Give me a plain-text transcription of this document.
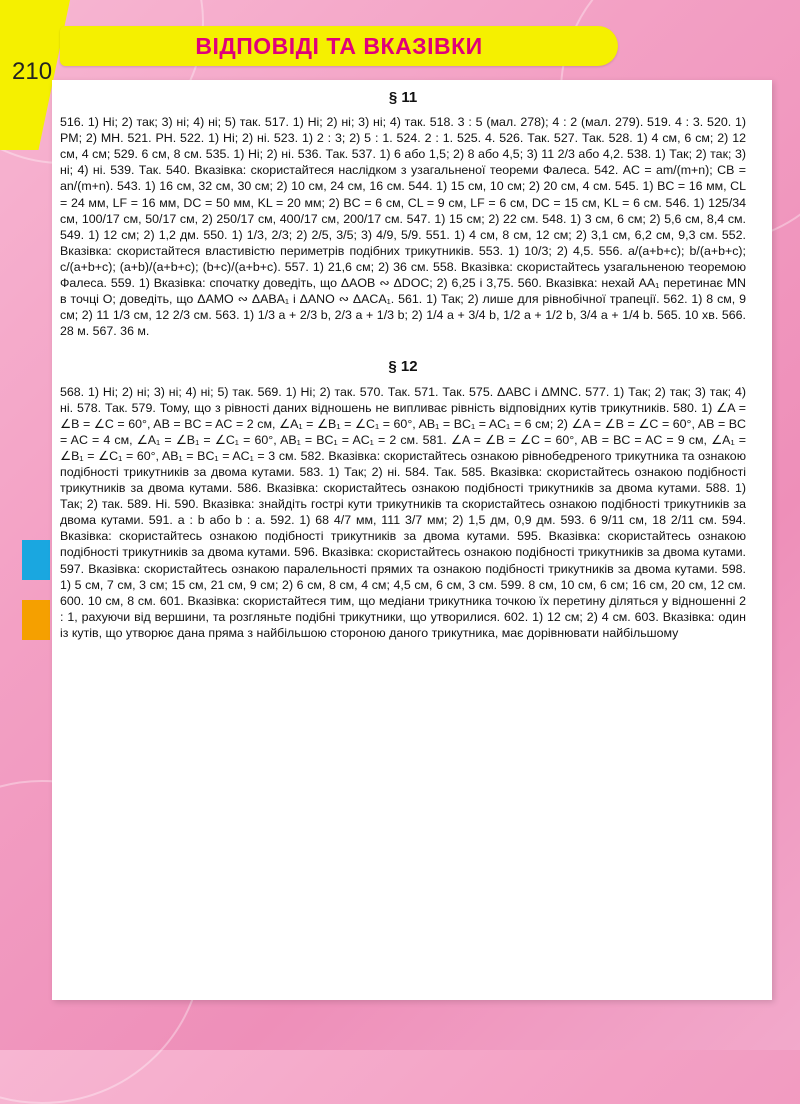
210
ВІДПОВІДІ ТА ВКАЗІВКИ
§ 11

516. 1) Ні; 2) так; 3) ні; 4) ні; 5) так. 517. 1) Ні; 2) ні; 3) ні; 4) так. 518. 3 : 5 (мал. 278); 4 : 2 (мал. 279). 519. 4 : 3. 520. 1) PM; 2) MH. 521. PH. 522. 1) Ні; 2) ні. 523. 1) 2 : 3; 2) 5 : 1. 524. 2 : 1. 525. 4. 526. Так. 527. Так. 528. 1) 4 см, 6 см; 2) 12 см, 4 см; 529. 6 см, 8 см. 535. 1) Ні; 2) ні. 536. Так. 537. 1) 6 або 1,5; 2) 8 або 4,5; 3) 11 2/3 або 4,2. 538. 1) Так; 2) так; 3) ні; 4) ні. 539. Так. 540. Вказівка: скористайтеся наслідком з узагальненої теореми Фалеса. 542. AC = am/(m+n); CB = an/(m+n). 543. 1) 16 см, 32 см, 30 см; 2) 10 см, 24 см, 16 см. 544. 1) 15 см, 10 см; 2) 20 см, 4 см. 545. 1) BC = 16 мм, CL = 24 мм, LF = 16 мм, DC = 50 мм, KL = 20 мм; 2) BC = 6 см, CL = 9 см, LF = 6 см, DC = 15 см, KL = 6 см. 546. 1) 125/34 см, 100/17 см, 50/17 см, 2) 250/17 см, 400/17 см, 200/17 см. 547. 1) 15 см; 2) 22 см. 548. 1) 3 см, 6 см; 2) 5,6 см, 8,4 см. 549. 1) 12 см; 2) 1,2 дм. 550. 1) 1/3, 2/3; 2) 2/5, 3/5; 3) 4/9, 5/9. 551. 1) 4 см, 8 см, 12 см; 2) 3,1 см, 6,2 см, 9,3 см. 552. Вказівка: скористайтеся властивістю периметрів подібних трикутників. 553. 1) 10/3; 2) 4,5. 556. a/(a+b+c); b/(a+b+c); c/(a+b+c); (a+b)/(a+b+c); (b+c)/(a+b+c). 557. 1) 21,6 см; 2) 36 см. 558. Вказівка: скористайтесь узагальненою теоремою Фалеса. 559. 1) Вказівка: спочатку доведіть, що ΔAOB ∾ ΔDOC; 2) 6,25 і 3,75. 560. Вказівка: нехай AA₁ перетинає MN в точці O; доведіть, що ΔAMO ∾ ΔABA₁ і ΔANO ∾ ΔACA₁. 561. 1) Так; 2) лише для рівнобічної трапеції. 562. 1) 8 см, 9 см; 2) 11 1/3 см, 12 2/3 см. 563. 1) 1/3 a + 2/3 b, 2/3 a + 1/3 b; 2) 1/4 a + 3/4 b, 1/2 a + 1/2 b, 3/4 a + 1/4 b. 565. 10 хв. 566. 28 м. 567. 36 м.

§ 12

568. 1) Ні; 2) ні; 3) ні; 4) ні; 5) так. 569. 1) Ні; 2) так. 570. Так. 571. Так. 575. ΔABC і ΔMNC. 577. 1) Так; 2) так; 3) так; 4) ні. 578. Так. 579. Тому, що з рівності даних відношень не випливає рівність відповідних кутів трикутників. 580. 1) ∠A = ∠B = ∠C = 60°, AB = BC = AC = 2 см, ∠A₁ = ∠B₁ = ∠C₁ = 60°, AB₁ = BC₁ = AC₁ = 6 см; 2) ∠A = ∠B = ∠C = 60°, AB = BC = AC = 4 см, ∠A₁ = ∠B₁ = ∠C₁ = 60°, AB₁ = BC₁ = AC₁ = 2 см. 581. ∠A = ∠B = ∠C = 60°, AB = BC = AC = 9 см, ∠A₁ = ∠B₁ = ∠C₁ = 60°, AB₁ = BC₁ = AC₁ = 3 см. 582. Вказівка: скористайтесь ознакою рівнобедреного трикутника та ознакою подібності трикутників за двома кутами. 583. 1) Так; 2) ні. 584. Так. 585. Вказівка: скористайтесь ознакою подібності трикутників за двома кутами. 586. Вказівка: скористайтесь ознакою подібності трикутників за двома кутами. 588. 1) Так; 2) так. 589. Ні. 590. Вказівка: знайдіть гострі кути трикутників та скористайтесь ознакою подібності трикутників за двома кутами. 591. a : b або b : a. 592. 1) 68 4/7 мм, 111 3/7 мм; 2) 1,5 дм, 0,9 дм. 593. 6 9/11 см, 18 2/11 см. 594. Вказівка: скористайтесь ознакою подібності трикутників за двома кутами. 595. Вказівка: скористайтесь ознакою подібності трикутників за двома кутами. 596. Вказівка: скористайтесь ознакою подібності трикутників за двома кутами. 597. Вказівка: скористайтесь ознакою паралельності прямих та ознакою подібності трикутників за двома кутами. 598. 1) 5 см, 7 см, 3 см; 15 см, 21 см, 9 см; 2) 6 см, 8 см, 4 см; 4,5 см, 6 см, 3 см. 599. 8 см, 10 см, 6 см; 16 см, 20 см, 12 см. 600. 10 см, 8 см. 601. Вказівка: скористайтеся тим, що медіани трикутника точкою їх перетину діляться у відношенні 2 : 1, рахуючи від вершини, та розгляньте подібні трикутники, що утворилися. 602. 1) 12 см; 2) 4 см. 603. Вказівка: один із кутів, що утворює дана пряма з найбільшою стороною даного трикутника, має дорівнювати найбільшому
